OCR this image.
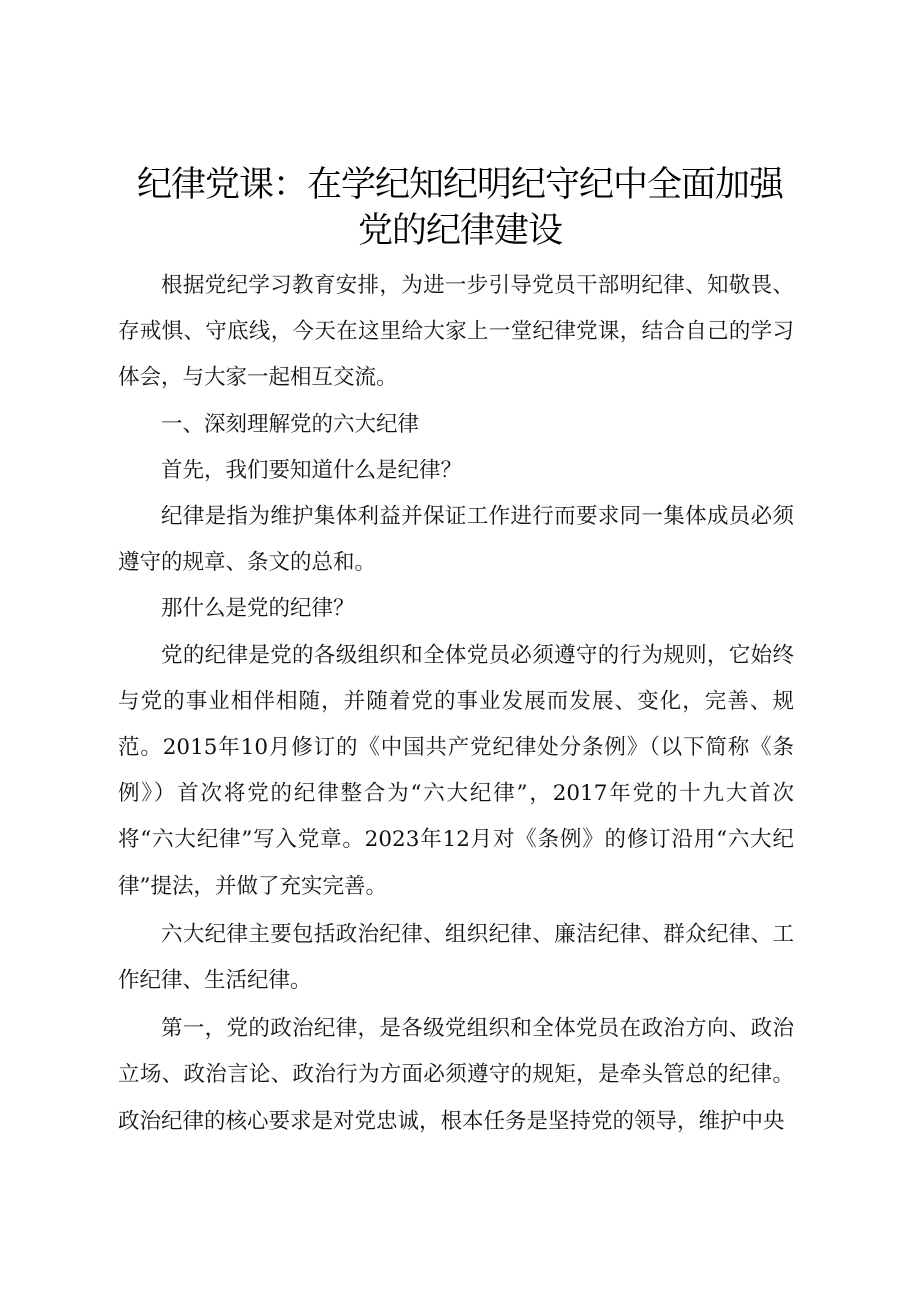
纪律党课：在学纪知纪明纪守纪中全面加强
党的纪律建设

根据党纪学习教育安排，为进一步引导党员干部明纪律、知敬畏、存戒惧、守底线，今天在这里给大家上一堂纪律党课，结合自己的学习体会，与大家一起相互交流。

一、深刻理解党的六大纪律

首先，我们要知道什么是纪律？

纪律是指为维护集体利益并保证工作进行而要求同一集体成员必须遵守的规章、条文的总和。

那什么是党的纪律？

党的纪律是党的各级组织和全体党员必须遵守的行为规则，它始终与党的事业相伴相随，并随着党的事业发展而发展、变化，完善、规范。2015年10月修订的《中国共产党纪律处分条例》（以下简称《条例》）首次将党的纪律整合为“六大纪律”，2017年党的十九大首次将“六大纪律”写入党章。2023年12月对《条例》的修订沿用“六大纪律”提法，并做了充实完善。

六大纪律主要包括政治纪律、组织纪律、廉洁纪律、群众纪律、工作纪律、生活纪律。

第一，党的政治纪律，是各级党组织和全体党员在政治方向、政治立场、政治言论、政治行为方面必须遵守的规矩，是牵头管总的纪律。政治纪律的核心要求是对党忠诚，根本任务是坚持党的领导，维护中央
